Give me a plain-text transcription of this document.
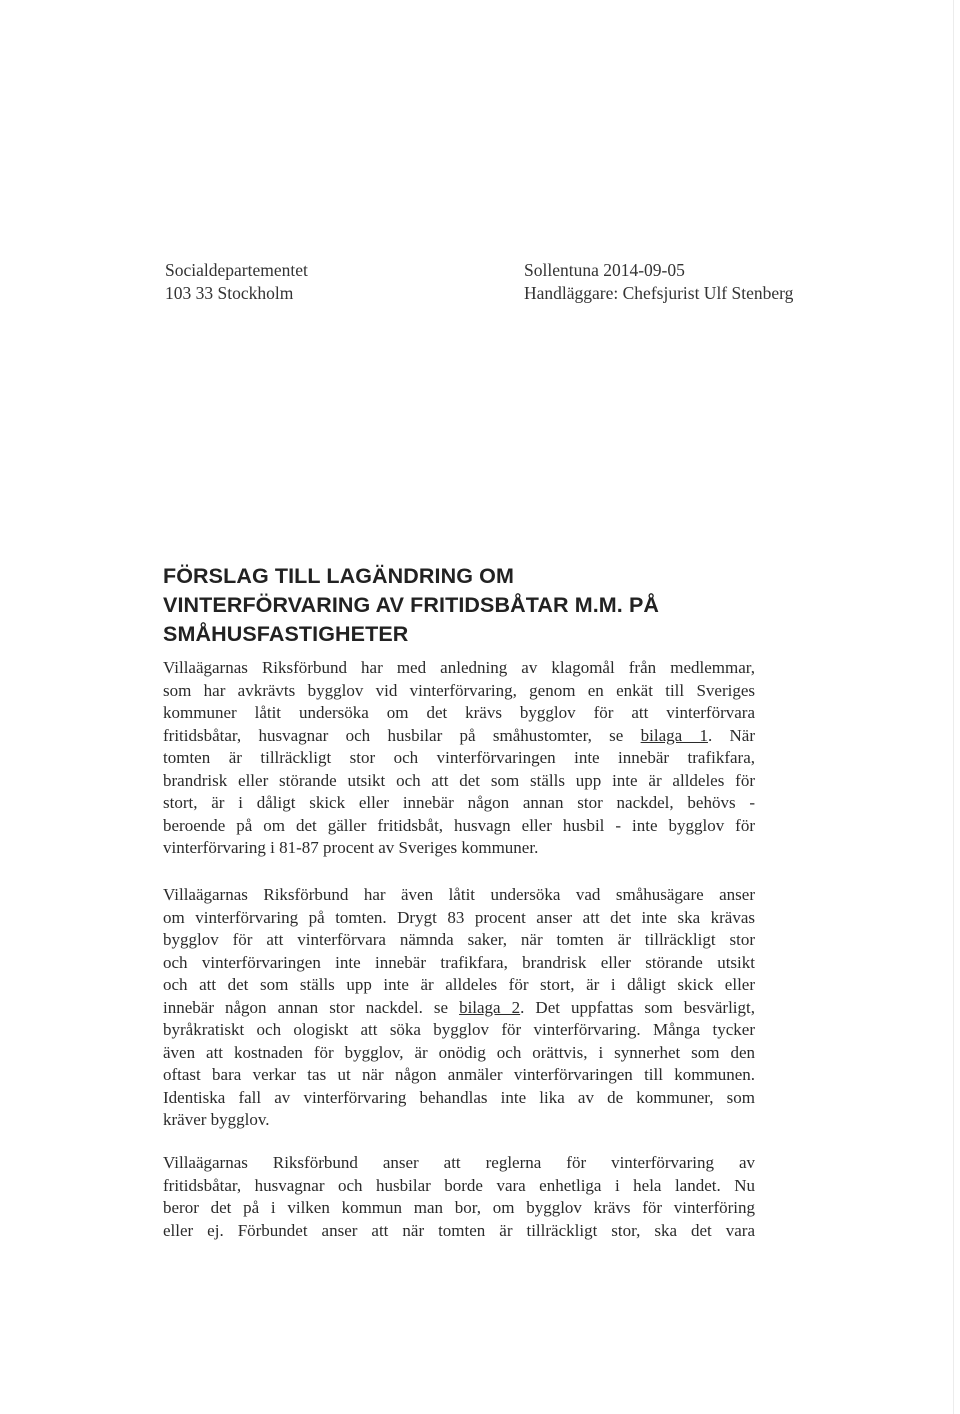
Socialdepartementet
103 33 Stockholm
Sollentuna 2014-09-05
Handläggare: Chefsjurist Ulf Stenberg
FÖRSLAG TILL LAGÄNDRING OM
VINTERFÖRVARING AV FRITIDSBÅTAR M.M. PÅ
SMÅHUSFASTIGHETER
Villaägarnas Riksförbund har med anledning av klagomål från medlemmar,
som har avkrävts bygglov vid vinterförvaring, genom en enkät till Sveriges
kommuner låtit undersöka om det krävs bygglov för att vinterförvara
fritidsbåtar, husvagnar och husbilar på småhustomter, se bilaga 1. När
tomten är tillräckligt stor och vinterförvaringen inte innebär trafikfara,
brandrisk eller störande utsikt och att det som ställs upp inte är alldeles för
stort, är i dåligt skick eller innebär någon annan stor nackdel, behövs -
beroende på om det gäller fritidsbåt, husvagn eller husbil - inte bygglov för
vinterförvaring i 81-87 procent av Sveriges kommuner.
Villaägarnas Riksförbund har även låtit undersöka vad småhusägare anser
om vinterförvaring på tomten. Drygt 83 procent anser att det inte ska krävas
bygglov för att vinterförvara nämnda saker, när tomten är tillräckligt stor
och vinterförvaringen inte innebär trafikfara, brandrisk eller störande utsikt
och att det som ställs upp inte är alldeles för stort, är i dåligt skick eller
innebär någon annan stor nackdel. se bilaga 2. Det uppfattas som besvärligt,
byråkratiskt och ologiskt att söka bygglov för vinterförvaring. Många tycker
även att kostnaden för bygglov, är onödig och orättvis, i synnerhet som den
oftast bara verkar tas ut när någon anmäler vinterförvaringen till kommunen.
Identiska fall av vinterförvaring behandlas inte lika av de kommuner, som
kräver bygglov.
Villaägarnas Riksförbund anser att reglerna för vinterförvaring av
fritidsbåtar, husvagnar och husbilar borde vara enhetliga i hela landet. Nu
beror det på i vilken kommun man bor, om bygglov krävs för vinterföring
eller ej. Förbundet anser att när tomten är tillräckligt stor, ska det vara
